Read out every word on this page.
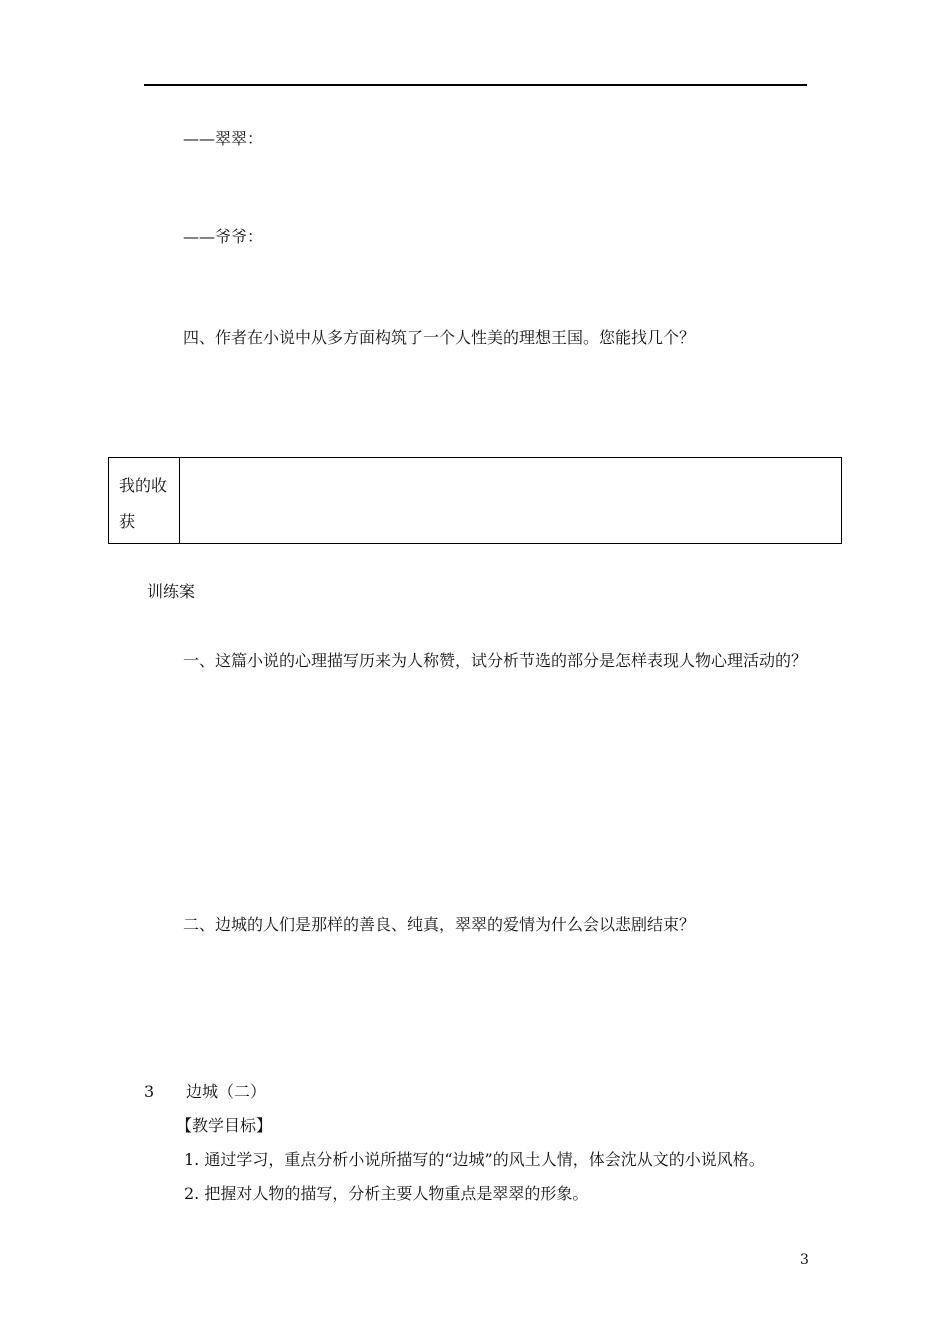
——翠翠：
——爷爷：
四、作者在小说中从多方面构筑了一个人性美的理想王国。您能找几个？
我的收
获
训练案
一、这篇小说的心理描写历来为人称赞，试分析节选的部分是怎样表现人物心理活动的？
二、边城的人们是那样的善良、纯真，翠翠的爱情为什么会以悲剧结束？
3 边城（二）
【教学目标】
1. 通过学习，重点分析小说所描写的“边城”的风土人情，体会沈从文的小说风格。
2. 把握对人物的描写，分析主要人物重点是翠翠的形象。
3
